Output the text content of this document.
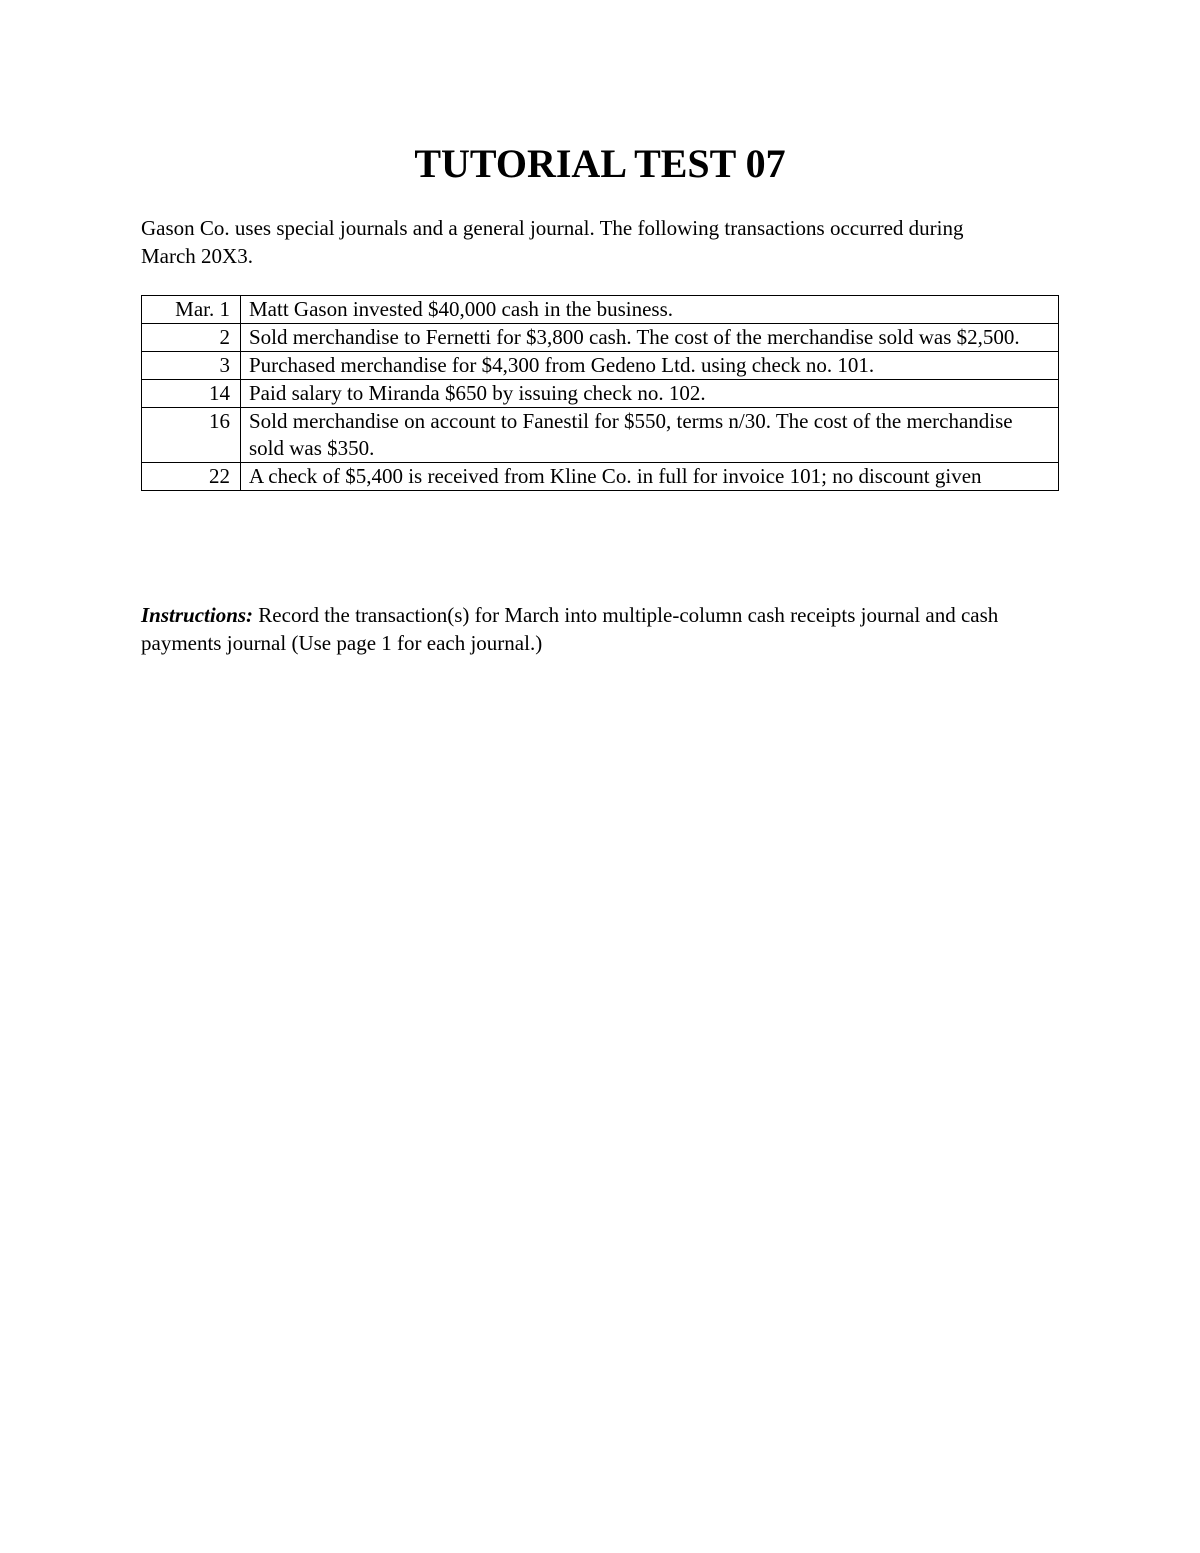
TUTORIAL TEST 07

Gason Co. uses special journals and a general journal. The following transactions occurred during March 20X3.

Mar. 1	Matt Gason invested $40,000 cash in the business.
2	Sold merchandise to Fernetti for $3,800 cash. The cost of the merchandise sold was $2,500.
3	Purchased merchandise for $4,300 from Gedeno Ltd. using check no. 101.
14	Paid salary to Miranda $650 by issuing check no. 102.
16	Sold merchandise on account to Fanestil for $550, terms n/30. The cost of the merchandise sold was $350.
22	A check of $5,400 is received from Kline Co. in full for invoice 101; no discount given

Instructions: Record the transaction(s) for March into multiple-column cash receipts journal and cash payments journal (Use page 1 for each journal.)
